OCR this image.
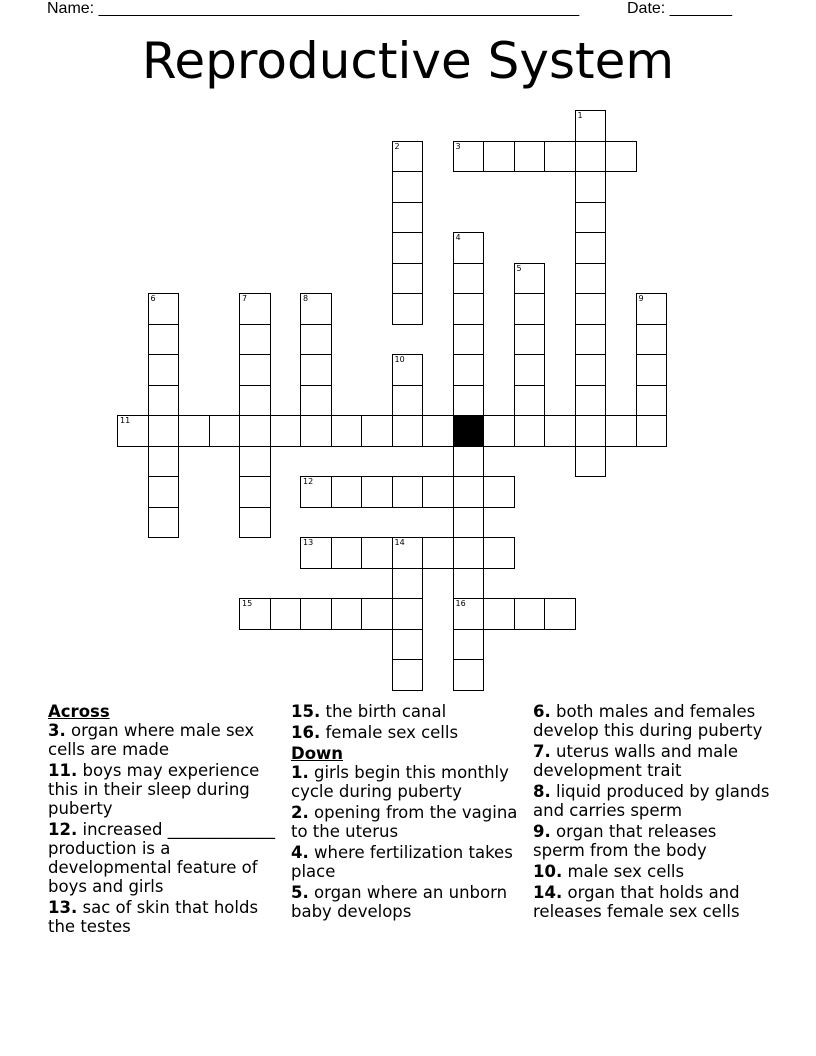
Name: ______________________________________________________	Date: _______
Reproductive System
3
11
12
13	14
15	16
1
2
4
5
6	7	8	9
10
Across
3. organ where male sex cells are made
11. boys may experience this in their sleep during puberty
12. increased _____________ production is a developmental feature of boys and girls
13. sac of skin that holds the testes
15. the birth canal
16. female sex cells
Down
1. girls begin this monthly cycle during puberty
2. opening from the vagina to the uterus
4. where fertilization takes place
5. organ where an unborn baby develops
6. both males and females develop this during puberty
7. uterus walls and male development trait
8. liquid produced by glands and carries sperm
9. organ that releases sperm from the body
10. male sex cells
14. organ that holds and releases female sex cells
